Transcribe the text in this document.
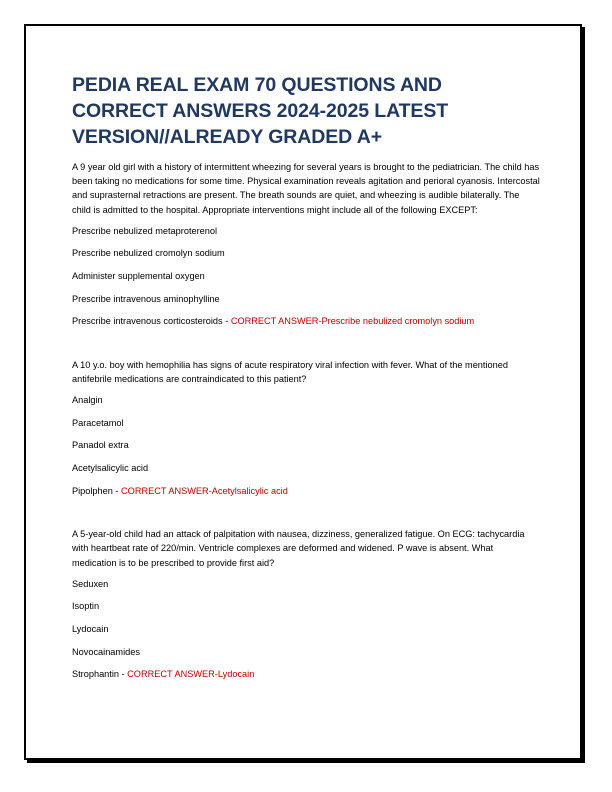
PEDIA REAL EXAM 70 QUESTIONS AND CORRECT ANSWERS 2024-2025 LATEST VERSION//ALREADY GRADED A+

A 9 year old girl with a history of intermittent wheezing for several years is brought to the pediatrician. The child has been taking no medications for some time. Physical examination reveals agitation and perioral cyanosis. Intercostal and suprasternal retractions are present. The breath sounds are quiet, and wheezing is audible bilaterally. The child is admitted to the hospital. Appropriate interventions might include all of the following EXCEPT:

Prescribe nebulized metaproterenol

Prescribe nebulized cromolyn sodium

Administer supplemental oxygen

Prescribe intravenous aminophylline

Prescribe intravenous corticosteroids - CORRECT ANSWER-Prescribe nebulized cromolyn sodium

A 10 y.o. boy with hemophilia has signs of acute respiratory viral infection with fever. What of the mentioned antifebrile medications are contraindicated to this patient?

Analgin

Paracetamol

Panadol extra

Acetylsalicylic acid

Pipolphen - CORRECT ANSWER-Acetylsalicylic acid

A 5-year-old child had an attack of palpitation with nausea, dizziness, generalized fatigue. On ECG: tachycardia with heartbeat rate of 220/min. Ventricle complexes are deformed and widened. P wave is absent. What medication is to be prescribed to provide first aid?

Seduxen

Isoptin

Lydocain

Novocainamides

Strophantin - CORRECT ANSWER-Lydocain
